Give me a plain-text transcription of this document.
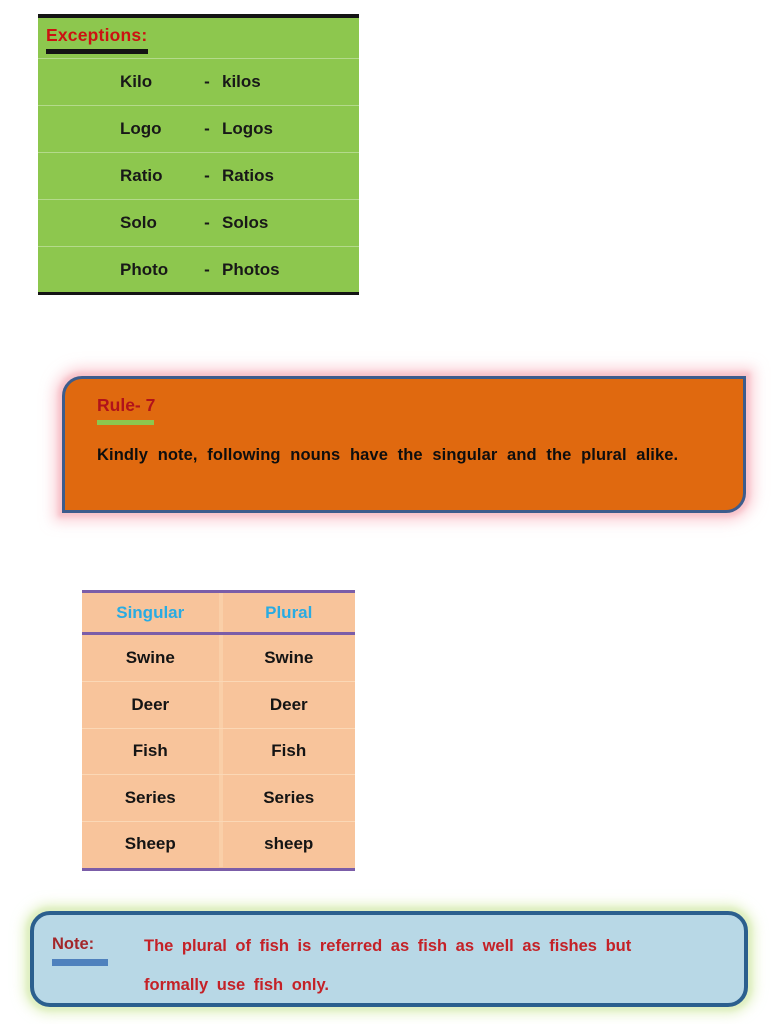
Exceptions:
Kilo	- kilos
Logo	- Logos
Ratio	- Ratios
Solo	- Solos
Photo	- Photos
Rule- 7
Kindly note, following nouns have the singular and the plural alike.
Singular	Plural
Swine	Swine
Deer	Deer
Fish	Fish
Series	Series
Sheep	sheep
Note:	The plural of fish is referred as fish as well as fishes but
formally use fish only.
